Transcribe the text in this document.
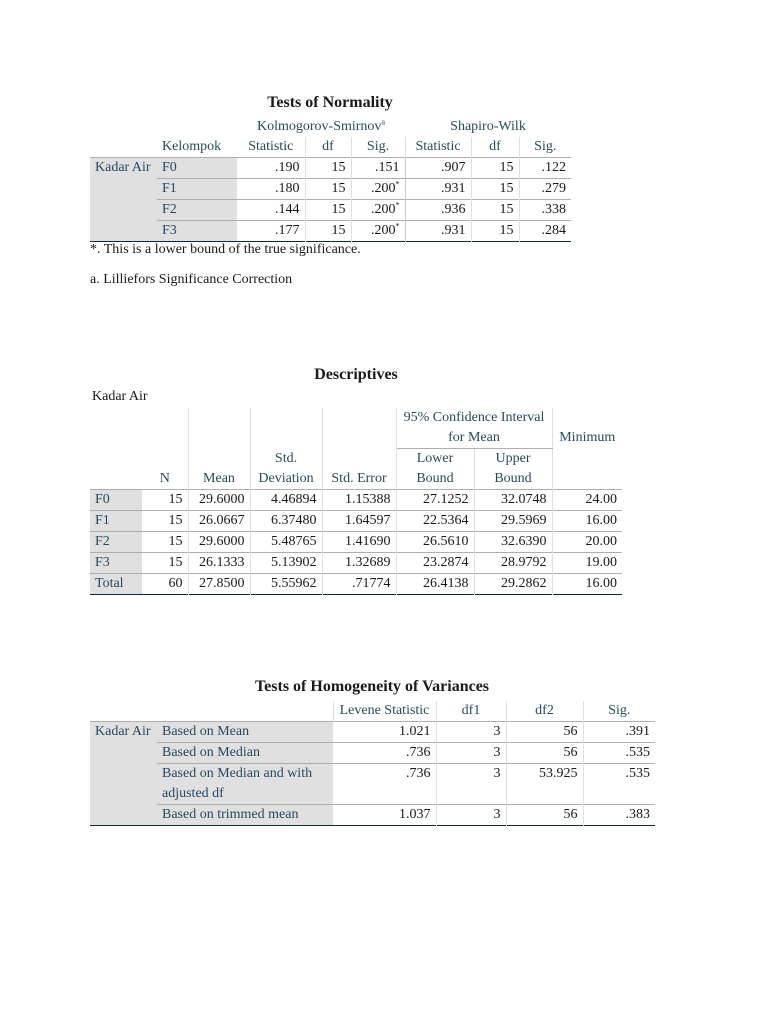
Tests of Normality
		Kolmogorov-Smirnov$^a$			Shapiro-Wilk		
	Kelompok	Statistic	df	Sig.	Statistic	df	Sig.
Kadar Air	F0	.190	15	.151	.907	15	.122
	F1	.180	15	.200*	.931	15	.279
	F2	.144	15	.200*	.936	15	.338
	F3	.177	15	.200*	.931	15	.284
*. This is a lower bound of the true significance.
a. Lilliefors Significance Correction
Descriptives
Kadar Air
					95% Confidence Interval		
					for Mean		Minimum
			Std.		Lower	Upper	
	N	Mean	Deviation	Std. Error	Bound	Bound	
F0	15	29.6000	4.46894	1.15388	27.1252	32.0748	24.00
F1	15	26.0667	6.37480	1.64597	22.5364	29.5969	16.00
F2	15	29.6000	5.48765	1.41690	26.5610	32.6390	20.00
F3	15	26.1333	5.13902	1.32689	23.2874	28.9792	19.00
Total	60	27.8500	5.55962	.71774	26.4138	29.2862	16.00
Tests of Homogeneity of Variances
		Levene Statistic	df1	df2	Sig.
Kadar Air	Based on Mean	1.021	3	56	.391
	Based on Median	.736	3	56	.535

	Based on Median and with
adjusted df	.736	3	53.925	.535
	Based on trimmed mean	1.037	3	56	.383
